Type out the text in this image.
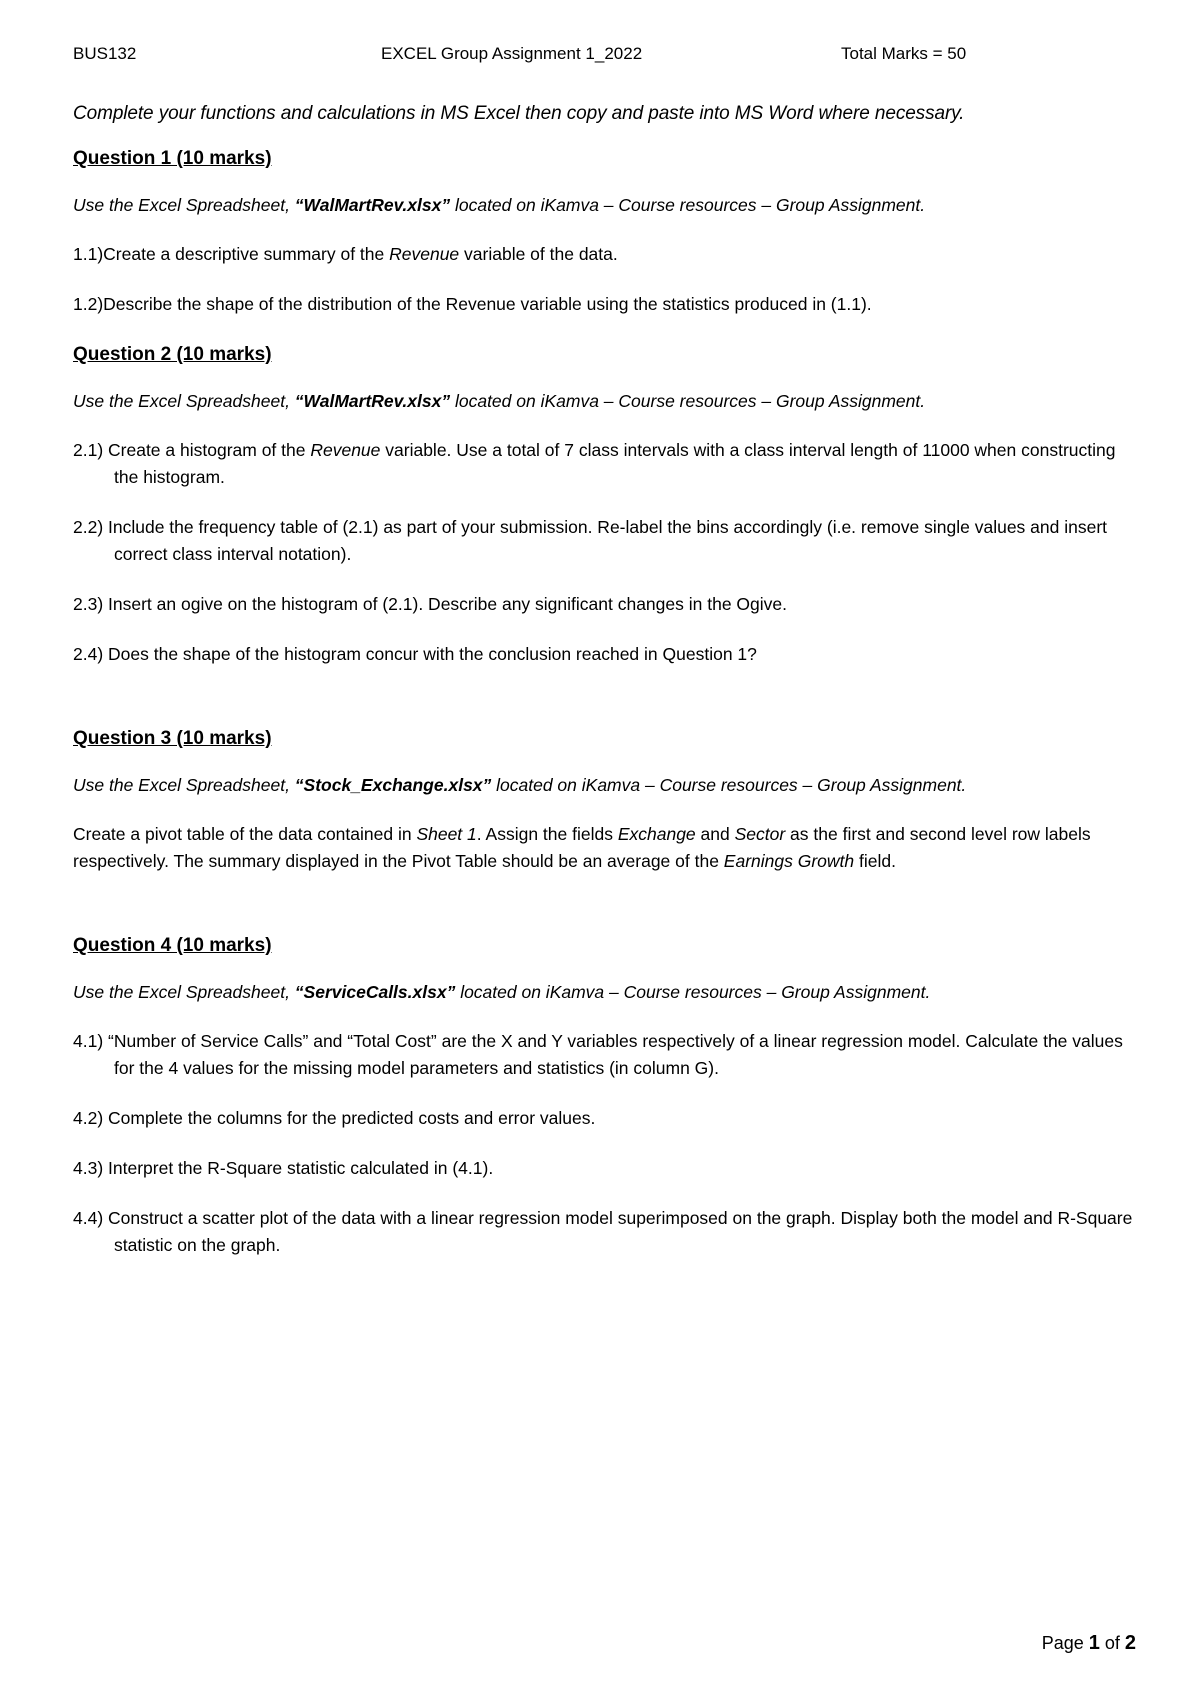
BUS132	EXCEL Group Assignment 1_2022	Total Marks = 50

Complete your functions and calculations in MS Excel then copy and paste into MS Word where necessary.

Question 1 (10 marks)

Use the Excel Spreadsheet, “WalMartRev.xlsx” located on iKamva – Course resources – Group Assignment.

1.1)Create a descriptive summary of the Revenue variable of the data.

1.2)Describe the shape of the distribution of the Revenue variable using the statistics produced in (1.1).

Question 2 (10 marks)

Use the Excel Spreadsheet, “WalMartRev.xlsx” located on iKamva – Course resources – Group Assignment.

2.1) Create a histogram of the Revenue variable. Use a total of 7 class intervals with a class interval length of 11000 when constructing the histogram.

2.2) Include the frequency table of (2.1) as part of your submission. Re-label the bins accordingly (i.e. remove single values and insert correct class interval notation).

2.3) Insert an ogive on the histogram of (2.1). Describe any significant changes in the Ogive.

2.4) Does the shape of the histogram concur with the conclusion reached in Question 1?

Question 3 (10 marks)

Use the Excel Spreadsheet, “Stock_Exchange.xlsx” located on iKamva – Course resources – Group Assignment.

Create a pivot table of the data contained in Sheet 1. Assign the fields Exchange and Sector as the first and second level row labels respectively. The summary displayed in the Pivot Table should be an average of the Earnings Growth field.

Question 4 (10 marks)

Use the Excel Spreadsheet, “ServiceCalls.xlsx” located on iKamva – Course resources – Group Assignment.

4.1) “Number of Service Calls” and “Total Cost” are the X and Y variables respectively of a linear regression model. Calculate the values for the 4 values for the missing model parameters and statistics (in column G).

4.2) Complete the columns for the predicted costs and error values.

4.3) Interpret the R-Square statistic calculated in (4.1).

4.4) Construct a scatter plot of the data with a linear regression model superimposed on the graph. Display both the model and R-Square statistic on the graph.

Page 1 of 2
